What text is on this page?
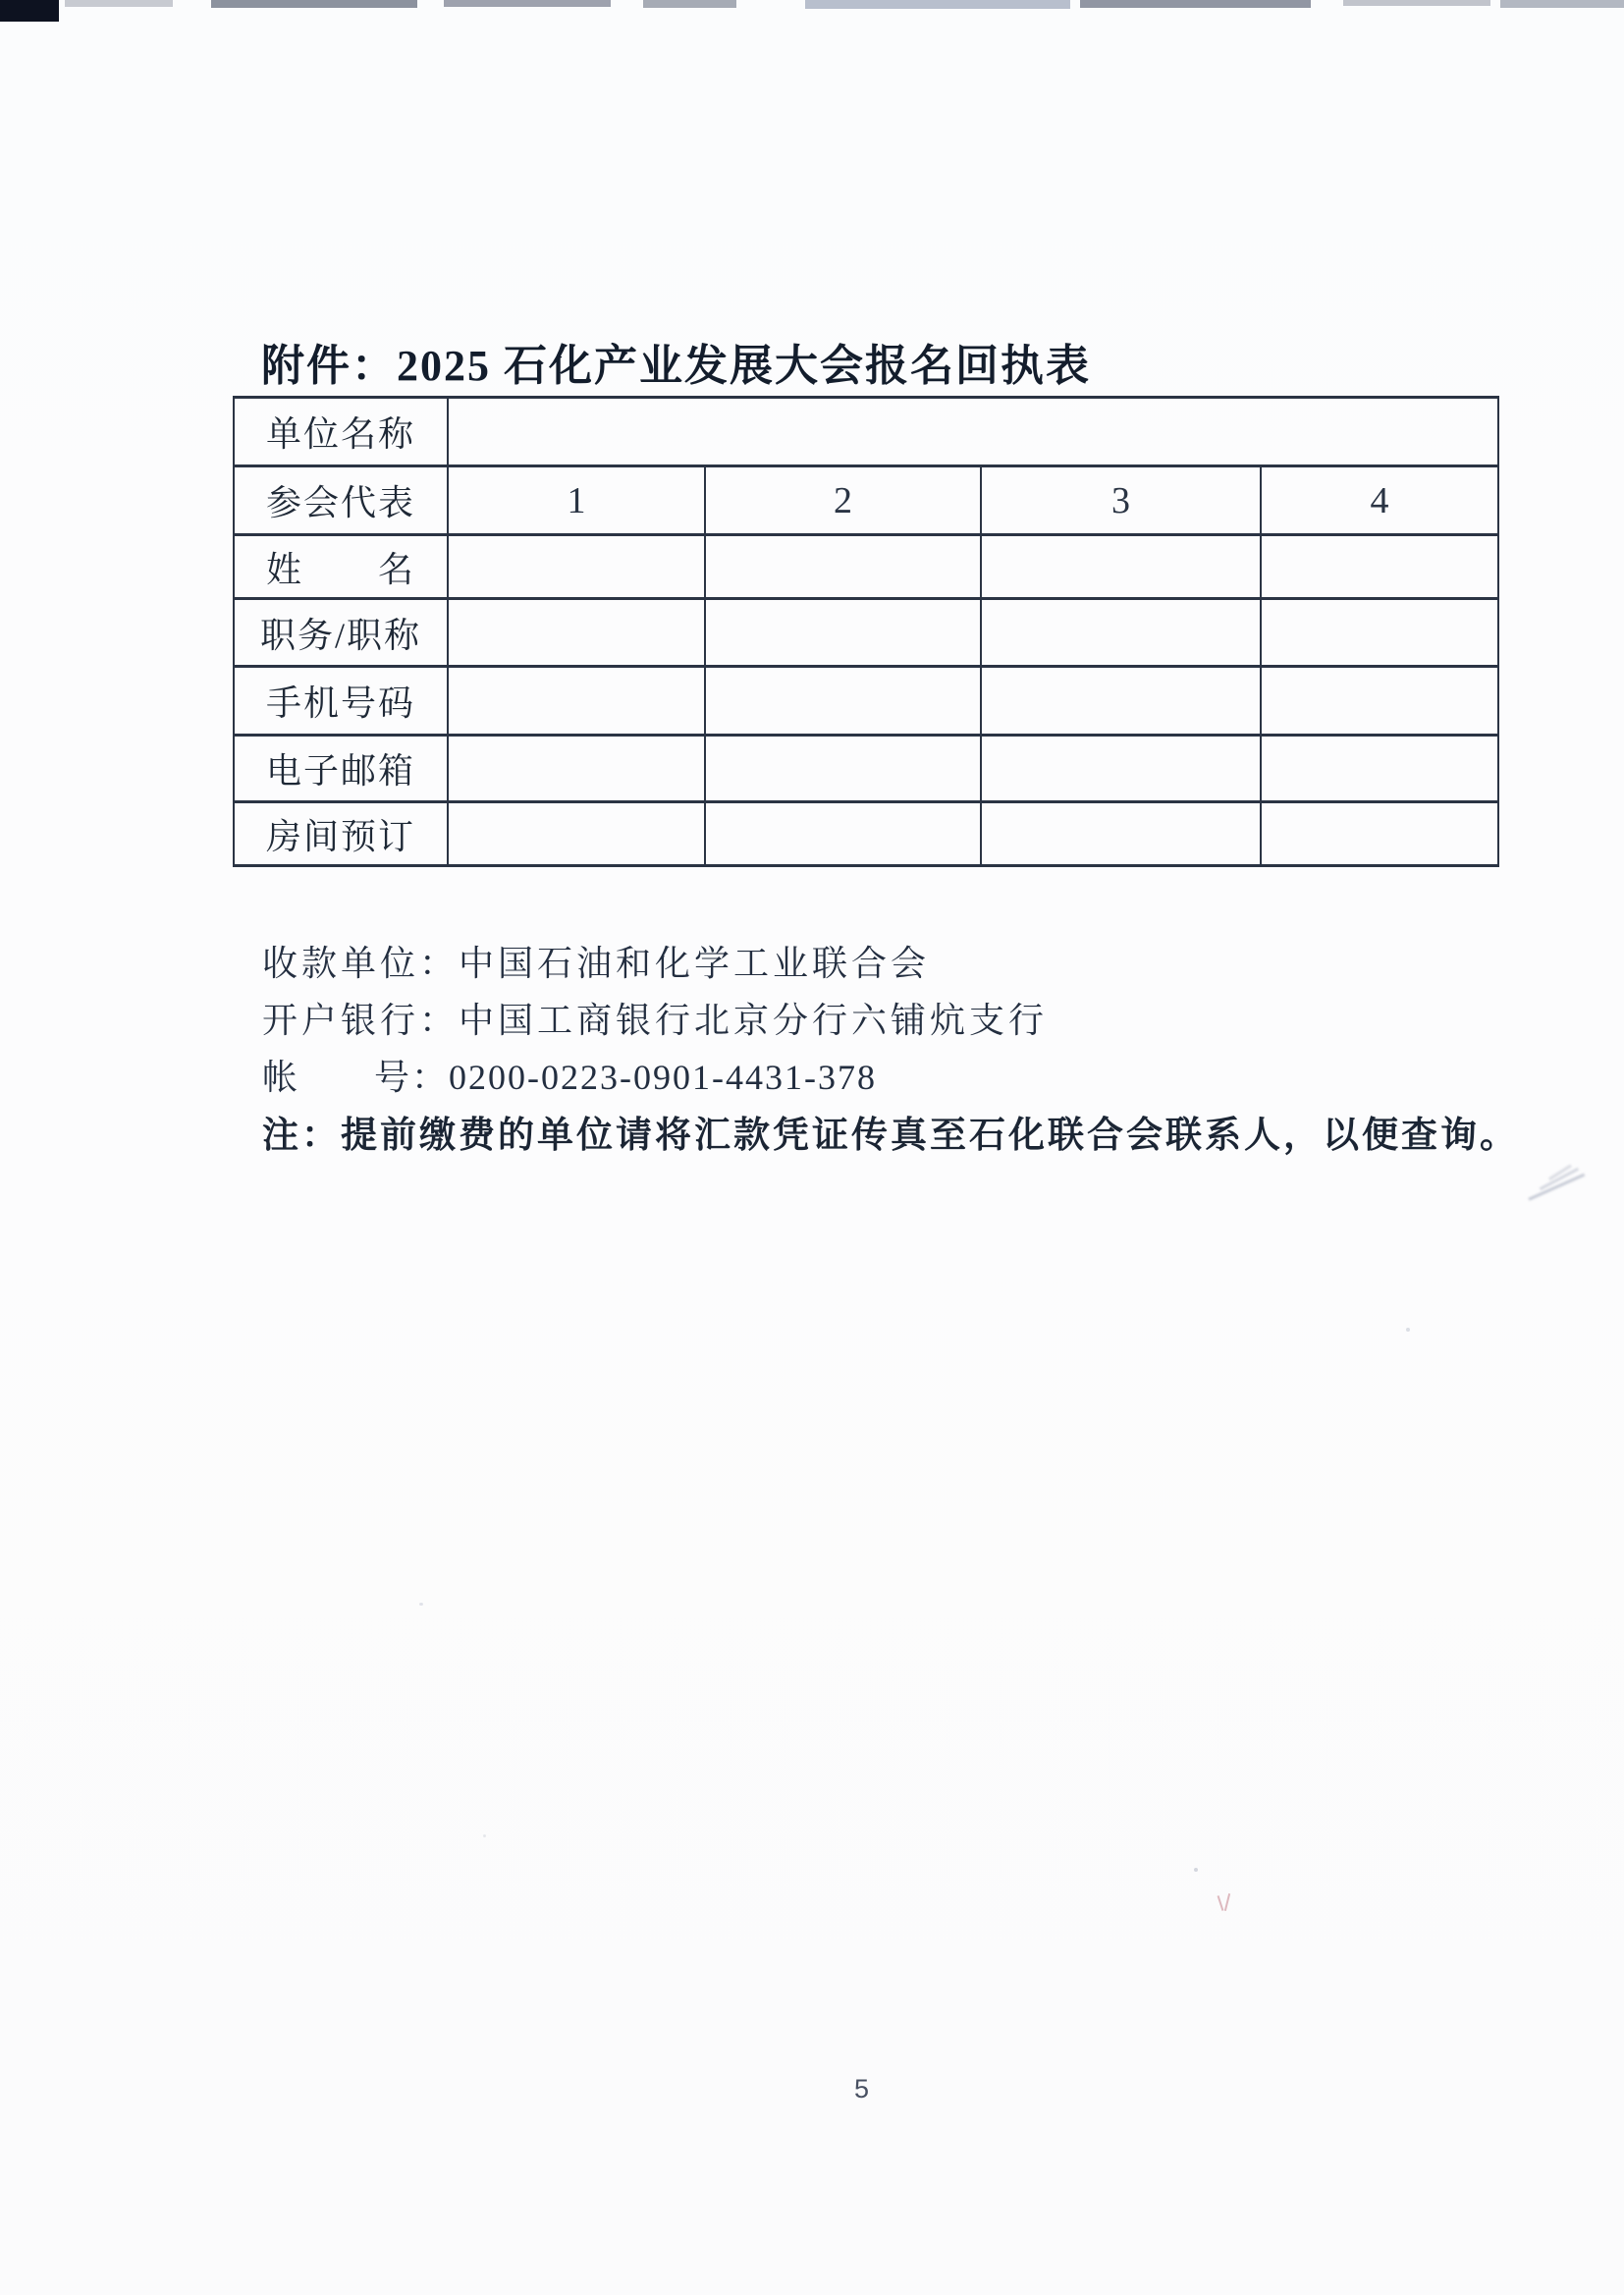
附件：2025 石化产业发展大会报名回执表
单位名称				
参会代表	1	2	3	4
姓　　名				
职务/职称				
手机号码				
电子邮箱				
房间预订				

收款单位：中国石油和化学工业联合会

开户银行：中国工商银行北京分行六铺炕支行

帐　　号：0200-0223-0901-4431-378

注：提前缴费的单位请将汇款凭证传真至石化联合会联系人，以便查询。

5
